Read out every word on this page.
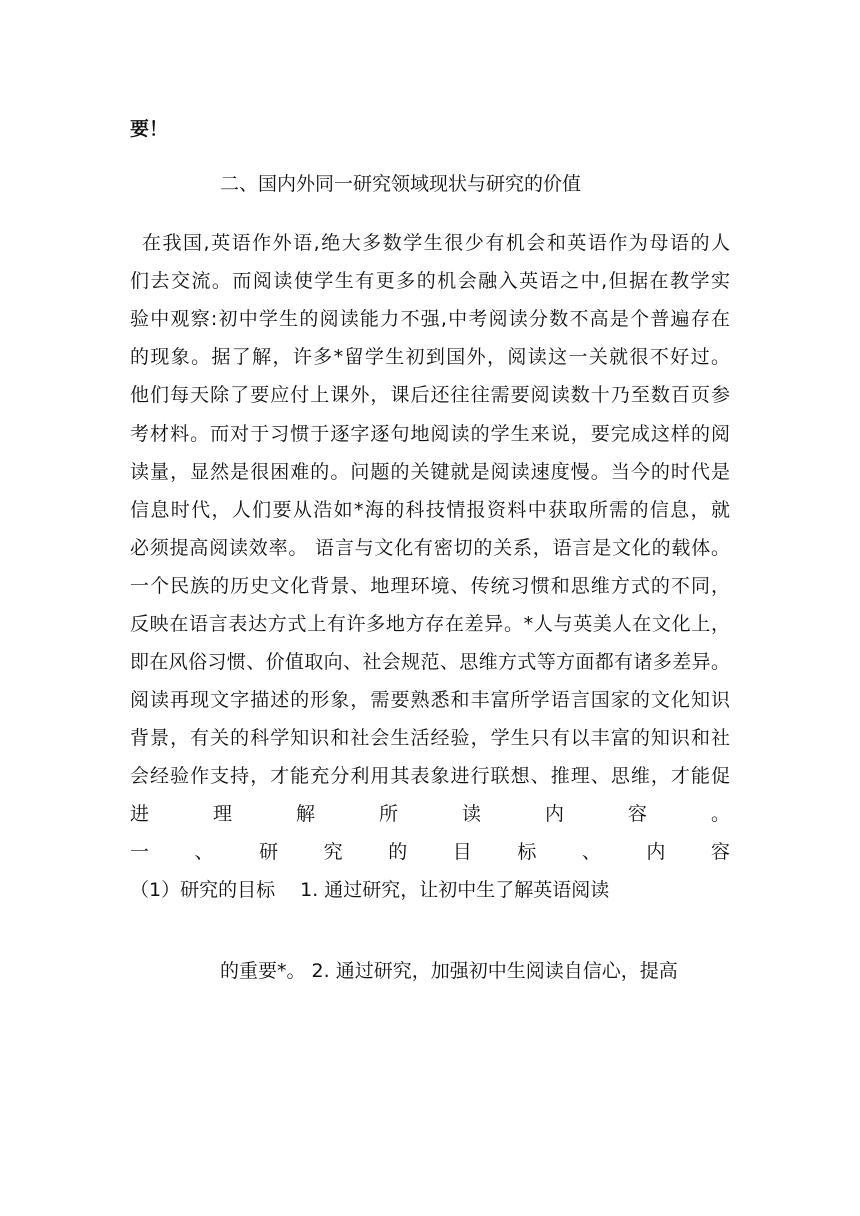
要！
二、国内外同一研究领域现状与研究的价值
在我国,英语作外语,绝大多数学生很少有机会和英语作为母语的人
们去交流。而阅读使学生有更多的机会融入英语之中,但据在教学实
验中观察:初中学生的阅读能力不强,中考阅读分数不高是个普遍存在
的现象。据了解，许多*留学生初到国外，阅读这一关就很不好过。
他们每天除了要应付上课外，课后还往往需要阅读数十乃至数百页参
考材料。而对于习惯于逐字逐句地阅读的学生来说，要完成这样的阅
读量，显然是很困难的。问题的关键就是阅读速度慢。当今的时代是
信息时代，人们要从浩如*海的科技情报资料中获取所需的信息，就
必须提高阅读效率。 语言与文化有密切的关系，语言是文化的载体。
一个民族的历史文化背景、地理环境、传统习惯和思维方式的不同，
反映在语言表达方式上有许多地方存在差异。*人与英美人在文化上，
即在风俗习惯、价值取向、社会规范、思维方式等方面都有诸多差异。
阅读再现文字描述的形象，需要熟悉和丰富所学语言国家的文化知识
背景，有关的科学知识和社会生活经验，学生只有以丰富的知识和社
会经验作支持，才能充分利用其表象进行联想、推理、思维，才能促
进理解所读内容。
一、研究的目标、内容
（1）研究的目标　 1. 通过研究，让初中生了解英语阅读
的重要*。 2. 通过研究，加强初中生阅读自信心，提高
